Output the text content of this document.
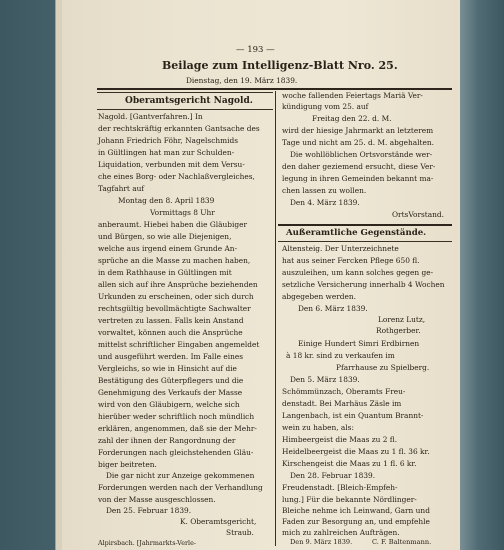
— 193 —
Beilage zum Intelligenz-Blatt Nro. 25.
Dienstag, den 19. März 1839.
Oberamtsgericht Nagold.
Nagold. [Gantverfahren.] In
der rechtskräftig erkannten Gantsache des
Johann Friedrich Föhr, Nagelschmids
in Gültlingen hat man zur Schulden-
Liquidation, verbunden mit dem Versu-
che eines Borg- oder Nachlaßvergleiches,
Tagfahrt auf
Montag den 8. April 1839
Vormittags 8 Uhr
anberaumt. Hiebei haben die Gläubiger
und Bürgen, so wie alle Diejenigen,
welche aus irgend einem Grunde An-
sprüche an die Masse zu machen haben,
in dem Rathhause in Gültlingen mit
allen sich auf ihre Ansprüche beziehenden
Urkunden zu erscheinen, oder sich durch
rechtsgültig bevollmächtigte Sachwalter
vertreten zu lassen. Falls kein Anstand
vorwaltet, können auch die Ansprüche
mittelst schriftlicher Eingaben angemeldet
und ausgeführt werden. Im Falle eines
Vergleichs, so wie in Hinsicht auf die
Bestätigung des Güterpflegers und die
Genehmigung des Verkaufs der Masse
wird von den Gläubigern, welche sich
hierüber weder schriftlich noch mündlich
erklären, angenommen, daß sie der Mehr-
zahl der ihnen der Rangordnung der
Forderungen nach gleichstehenden Gläu-
biger beitreten.
Die gar nicht zur Anzeige gekommenen
Forderungen werden nach der Verhandlung
von der Masse ausgeschlossen.
Den 25. Februar 1839.
K. Oberamtsgericht,
Straub.
Alpirsbach. [Jahrmarkts-Verle-
woche fallenden Feiertags Mariä Ver-
kündigung vom 25. auf
Freitag den 22. d. M.
wird der hiesige Jahrmarkt an letzterem
Tage und nicht am 25. d. M. abgehalten.
Die wohllöblichen Ortsvorstände wer-
den daher geziemend ersucht, diese Ver-
legung in ihren Gemeinden bekannt ma-
chen lassen zu wollen.
Den 4. März 1839.
OrtsVorstand.
Außeramtliche Gegenstände.
Altensteig. Der Unterzeichnete
hat aus seiner Fercken Pflege 650 fl.
auszuleihen, um kann solches gegen ge-
setzliche Versicherung innerhalb 4 Wochen
abgegeben werden.
Den 6. März 1839.
Lorenz Lutz,
Rothgerber.
Einige Hundert Simri Erdbirnen
à 18 kr. sind zu verkaufen im
Pfarrhause zu Spielberg.
Den 5. März 1839.
Schömmünzach, Oberamts Freu-
denstadt. Bei Marhäus Zäsle im
Langenbach, ist ein Quantum Brannt-
wein zu haben, als:
Himbeergeist die Maas zu 2 fl.
Heidelbeergeist die Maas zu 1 fl. 36 kr.
Kirschengeist die Maas zu 1 fl. 6 kr.
Den 28. Februar 1839.
Freudenstadt. [Bleich-Empfeh-
lung.] Für die bekannte Nördlinger-
Bleiche nehme ich Leinwand, Garn und
Faden zur Besorgung an, und empfehle
mich zu zahlreichen Aufträgen.
Den 9. März 1839.	C. F. Baltenmann.
